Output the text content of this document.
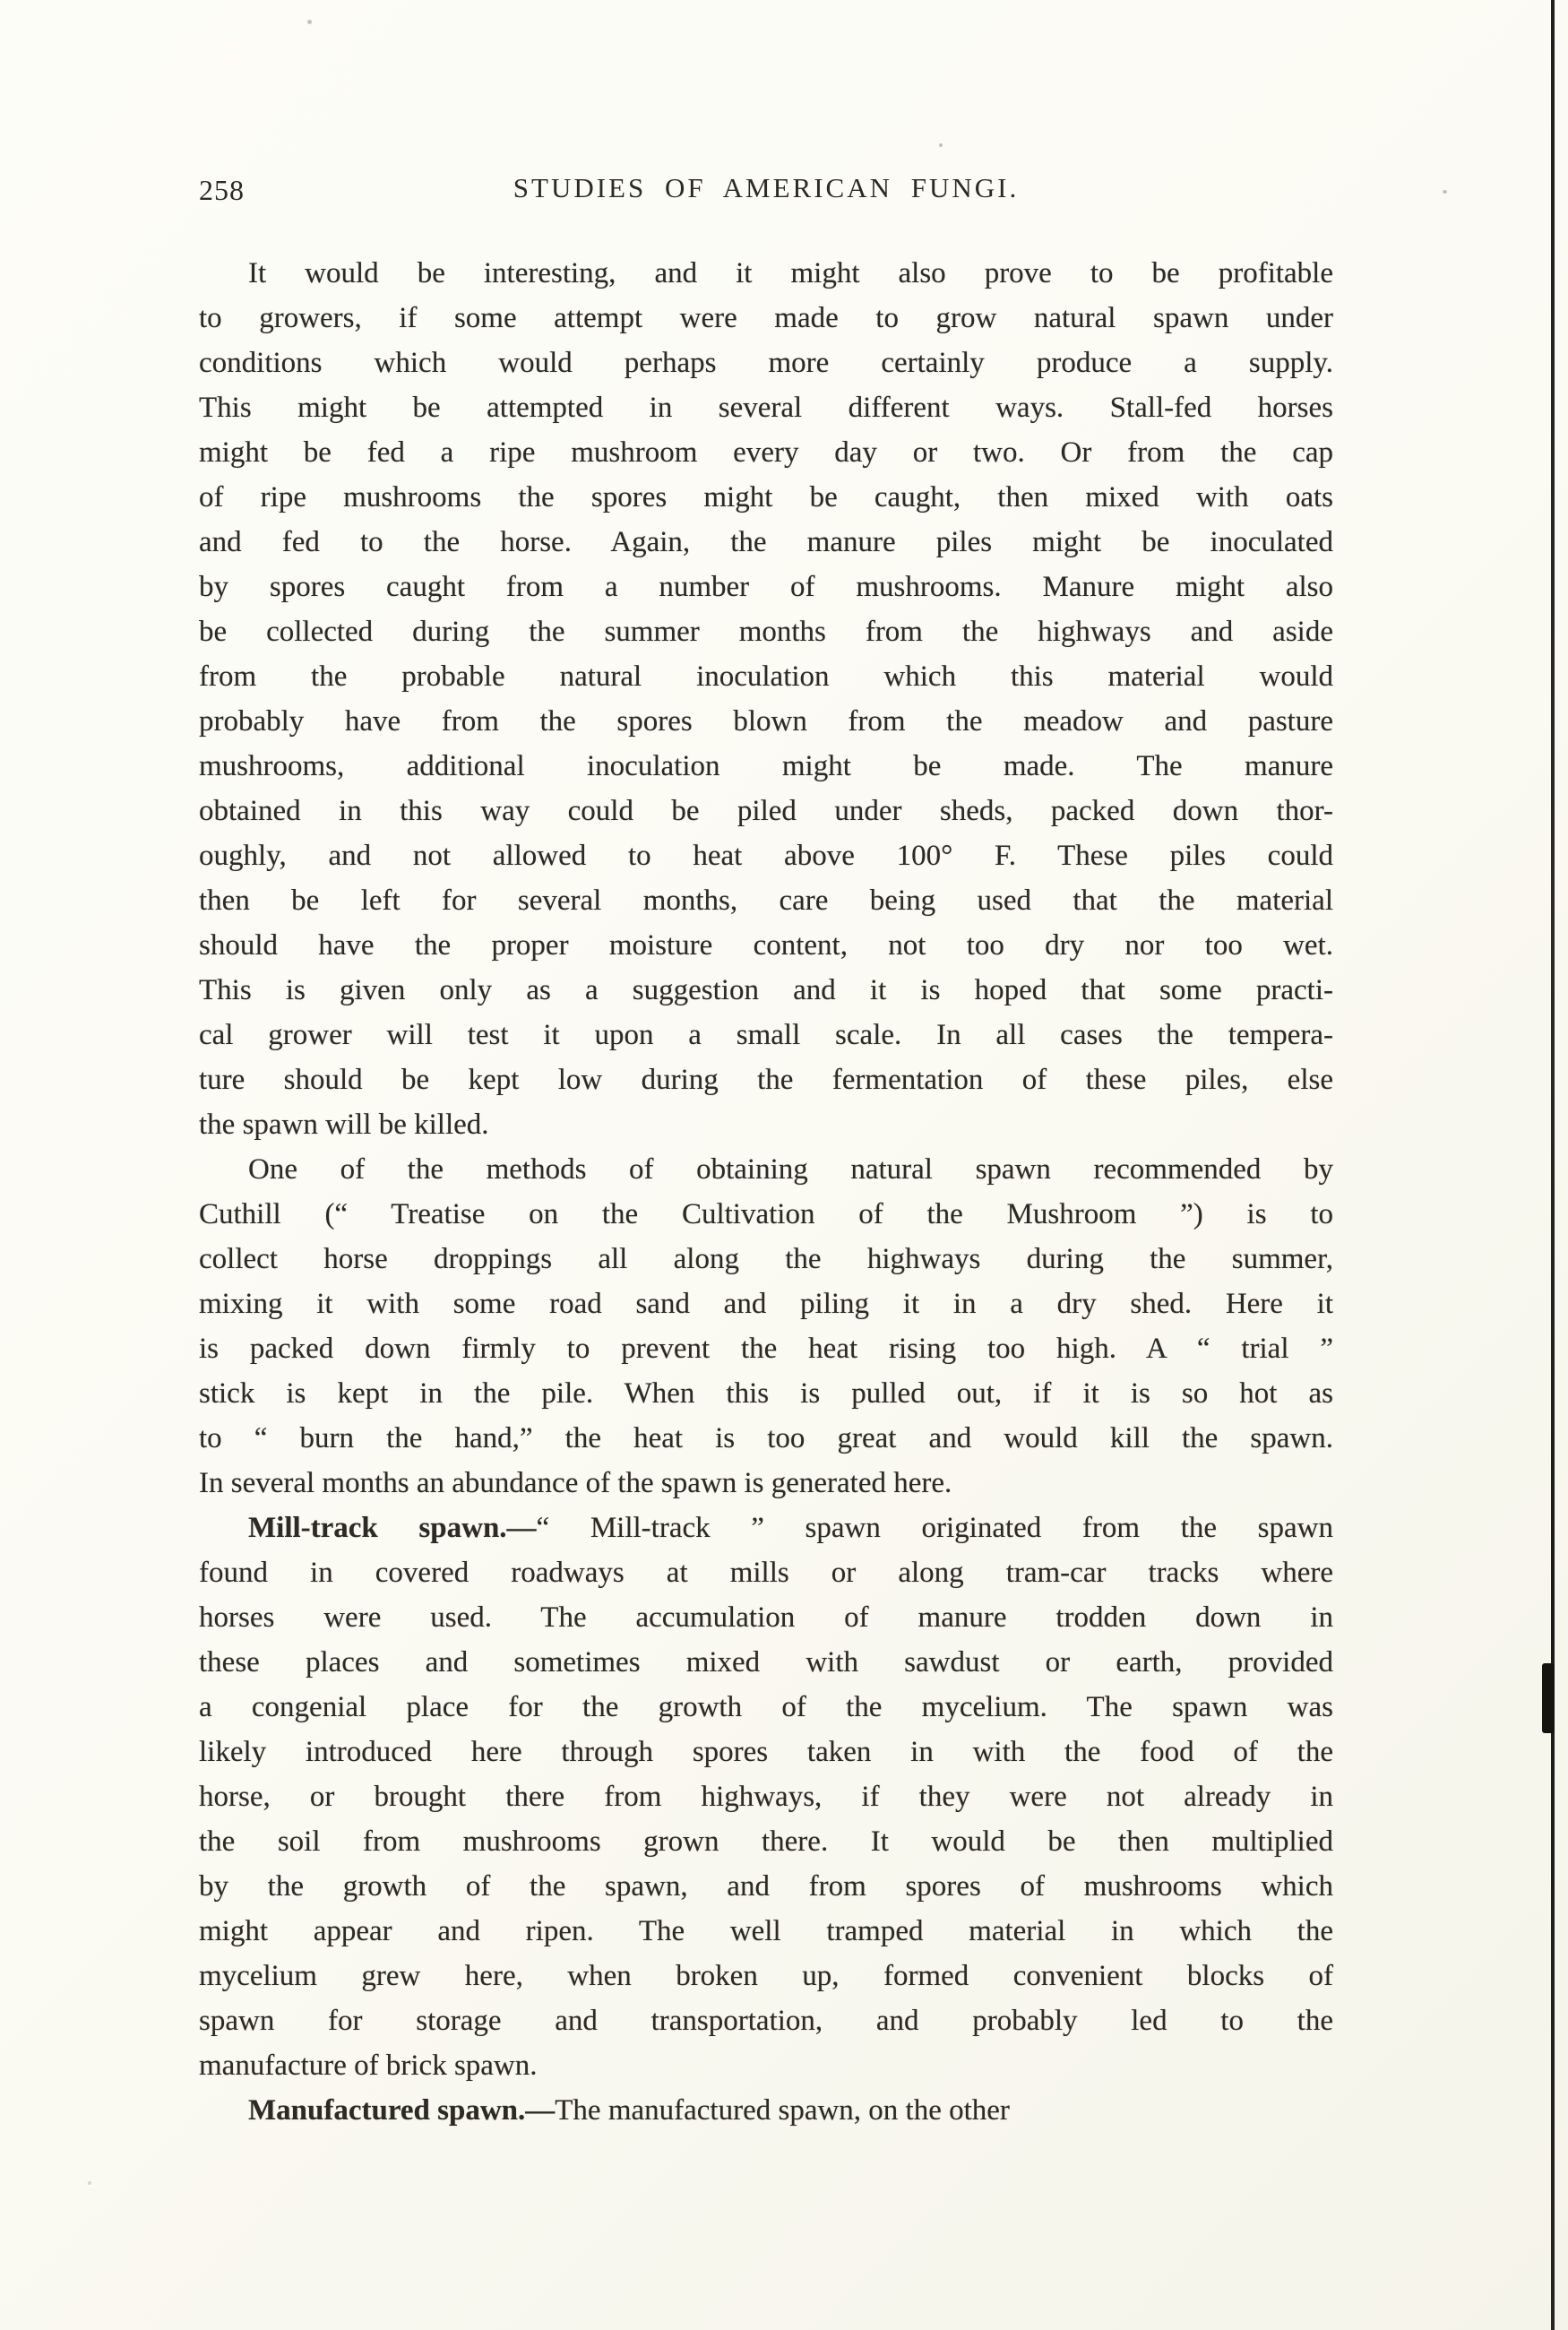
258	STUDIES OF AMERICAN FUNGI.
It would be interesting, and it might also prove to be profitable
to growers, if some attempt were made to grow natural spawn under
conditions which would perhaps more certainly produce a supply.
This might be attempted in several different ways. Stall-fed horses
might be fed a ripe mushroom every day or two. Or from the cap
of ripe mushrooms the spores might be caught, then mixed with oats
and fed to the horse. Again, the manure piles might be inoculated
by spores caught from a number of mushrooms. Manure might also
be collected during the summer months from the highways and aside
from the probable natural inoculation which this material would
probably have from the spores blown from the meadow and pasture
mushrooms, additional inoculation might be made. The manure
obtained in this way could be piled under sheds, packed down thor-
oughly, and not allowed to heat above 100° F. These piles could
then be left for several months, care being used that the material
should have the proper moisture content, not too dry nor too wet.
This is given only as a suggestion and it is hoped that some practi-
cal grower will test it upon a small scale. In all cases the tempera-
ture should be kept low during the fermentation of these piles, else
the spawn will be killed.
One of the methods of obtaining natural spawn recommended by
Cuthill (“ Treatise on the Cultivation of the Mushroom ”) is to
collect horse droppings all along the highways during the summer,
mixing it with some road sand and piling it in a dry shed. Here it
is packed down firmly to prevent the heat rising too high. A “ trial ”
stick is kept in the pile. When this is pulled out, if it is so hot as
to “ burn the hand,” the heat is too great and would kill the spawn.
In several months an abundance of the spawn is generated here.
Mill-track spawn.—“ Mill-track ” spawn originated from the spawn
found in covered roadways at mills or along tram-car tracks where
horses were used. The accumulation of manure trodden down in
these places and sometimes mixed with sawdust or earth, provided
a congenial place for the growth of the mycelium. The spawn was
likely introduced here through spores taken in with the food of the
horse, or brought there from highways, if they were not already in
the soil from mushrooms grown there. It would be then multiplied
by the growth of the spawn, and from spores of mushrooms which
might appear and ripen. The well tramped material in which the
mycelium grew here, when broken up, formed convenient blocks of
spawn for storage and transportation, and probably led to the
manufacture of brick spawn.
Manufactured spawn.—The manufactured spawn, on the other
